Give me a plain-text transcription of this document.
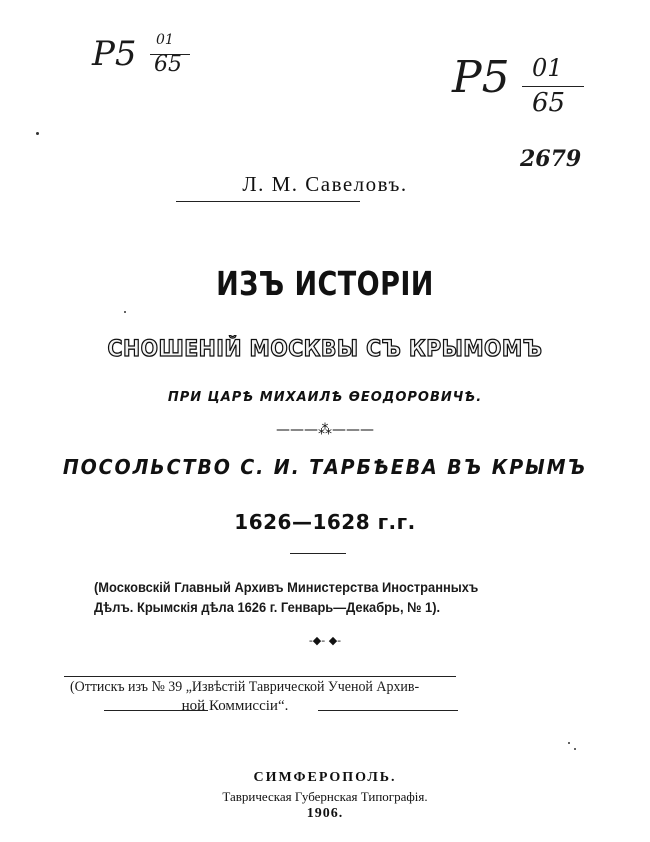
Р5 01
65	Р5 01
65
2679
Л. М. Савеловъ.
ИЗЪ ИСТОРІИ
СНОШЕНІЙ МОСКВЫ СЪ КРЫМОМЪ
ПРИ ЦАРѢ МИХАИЛѢ ѲЕОДОРОВИЧѢ.
———⁂———
ПОСОЛЬСТВО С. И. ТАРБѢЕВА ВЪ КРЫМЪ
1626—1628 г.г.
(Московскій Главный Архивъ Министерства Иностранныхъ
Дѣлъ. Крымскія дѣла 1626 г. Генварь—Декабрь, № 1).
-◆- ◆-
(Оттискъ изъ № 39 „Извѣстій Таврической Ученой Архив-
ной Коммиссіи“.
СИМФЕРОПОЛЬ.
Таврическая Губернская Типографія.
1906.
